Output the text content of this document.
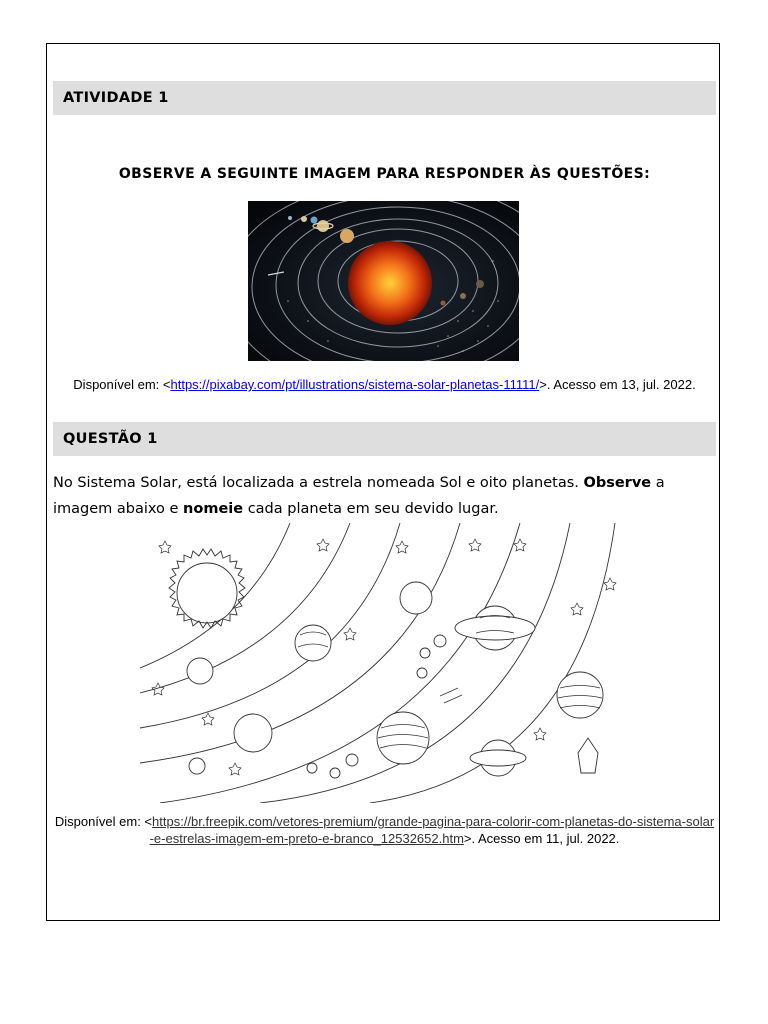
ATIVIDADE 1
OBSERVE A SEGUINTE IMAGEM PARA RESPONDER ÀS QUESTÕES:
Disponível em: <https://pixabay.com/pt/illustrations/sistema-solar-planetas-11111/>. Acesso em 13, jul. 2022.
QUESTÃO 1
No Sistema Solar, está localizada a estrela nomeada Sol e oito planetas. Observe a imagem abaixo e nomeie cada planeta em seu devido lugar.
Disponível em: <https://br.freepik.com/vetores-premium/grande-pagina-para-colorir-com-planetas-do-sistema-solar-e-estrelas-imagem-em-preto-e-branco_12532652.htm>. Acesso em 11, jul. 2022.
